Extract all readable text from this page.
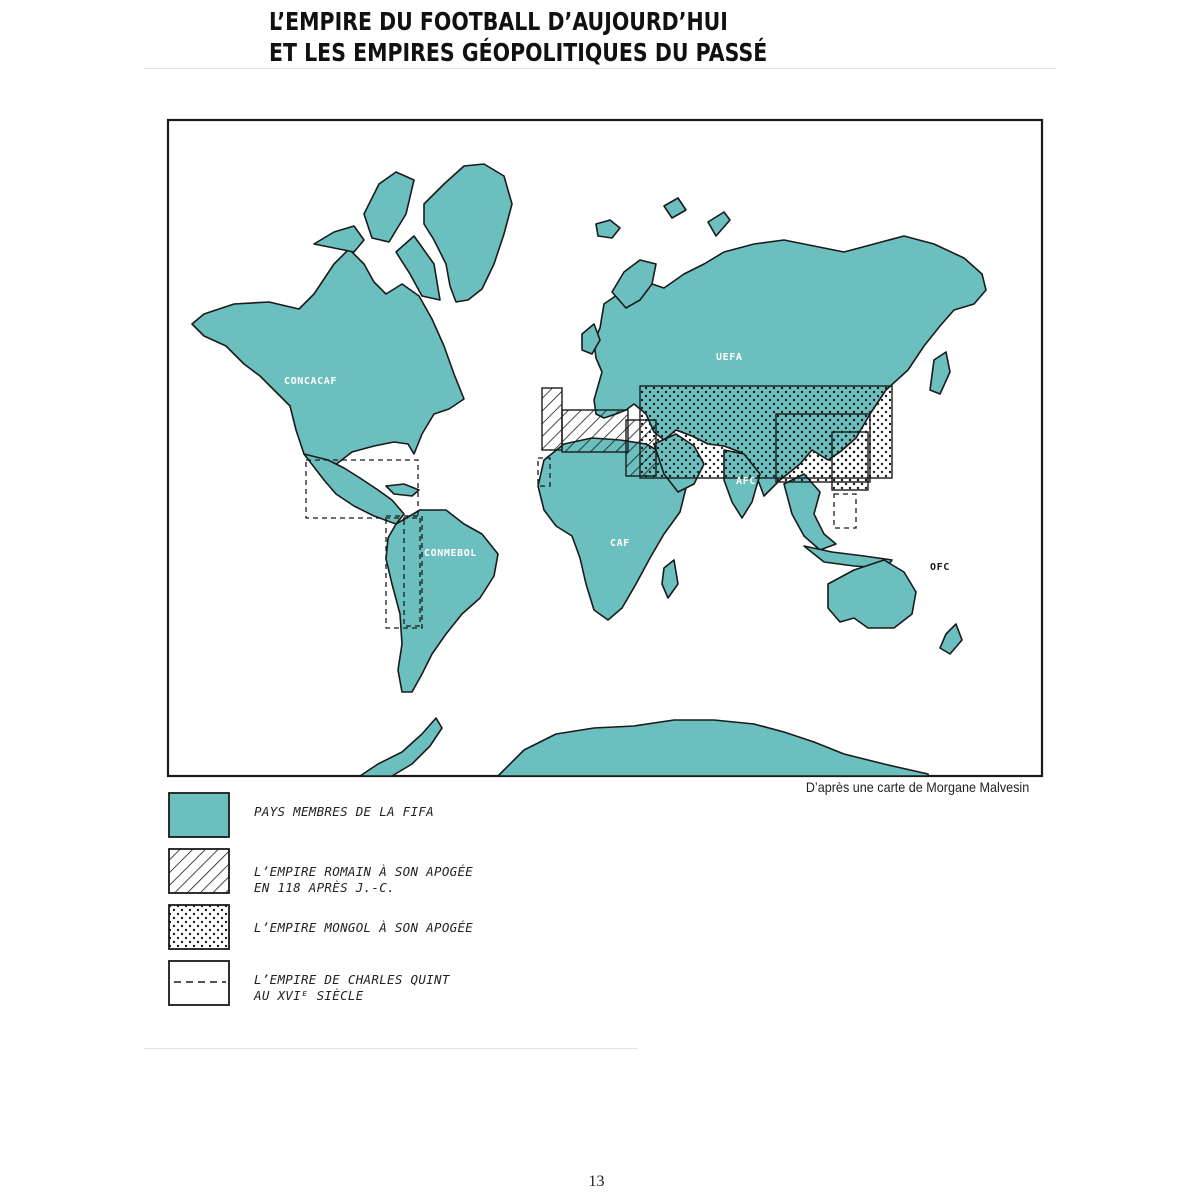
L’EMPIRE DU FOOTBALL D’AUJOURD’HUI
ET LES EMPIRES GÉOPOLITIQUES DU PASSÉ
CONCACAF
CONMEBOL
UEFA
CAF
AFC
OFC
D’après une carte de Morgane Malvesin
PAYS MEMBRES DE LA FIFA
L’EMPIRE ROMAIN À SON APOGÉE
EN 118 APRÈS J.-C.
L’EMPIRE MONGOL À SON APOGÉE
L’EMPIRE DE CHARLES QUINT
AU XVIᴱ SIÈCLE
13
